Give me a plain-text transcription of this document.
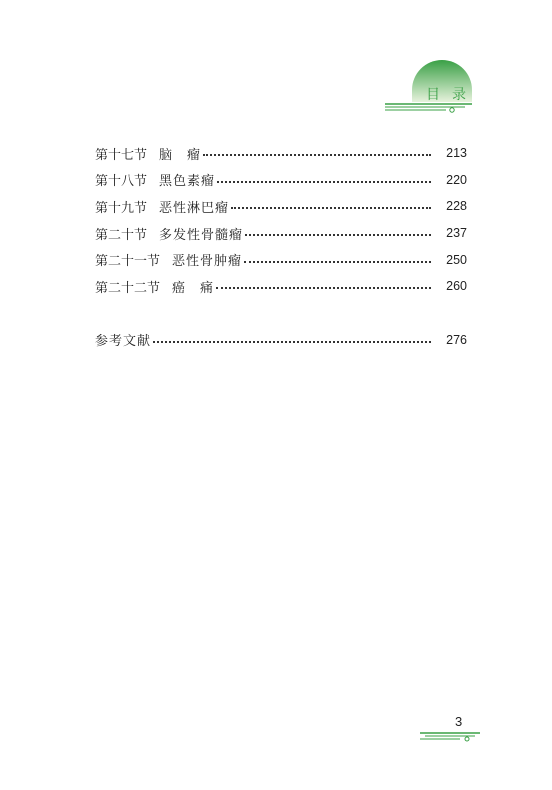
目录
第十七节 脑　瘤	213
第十八节 黑色素瘤	220
第十九节 恶性淋巴瘤	228
第二十节 多发性骨髓瘤	237
第二十一节 恶性骨肿瘤	250
第二十二节 癌　痛	260
参考文献	276
3
